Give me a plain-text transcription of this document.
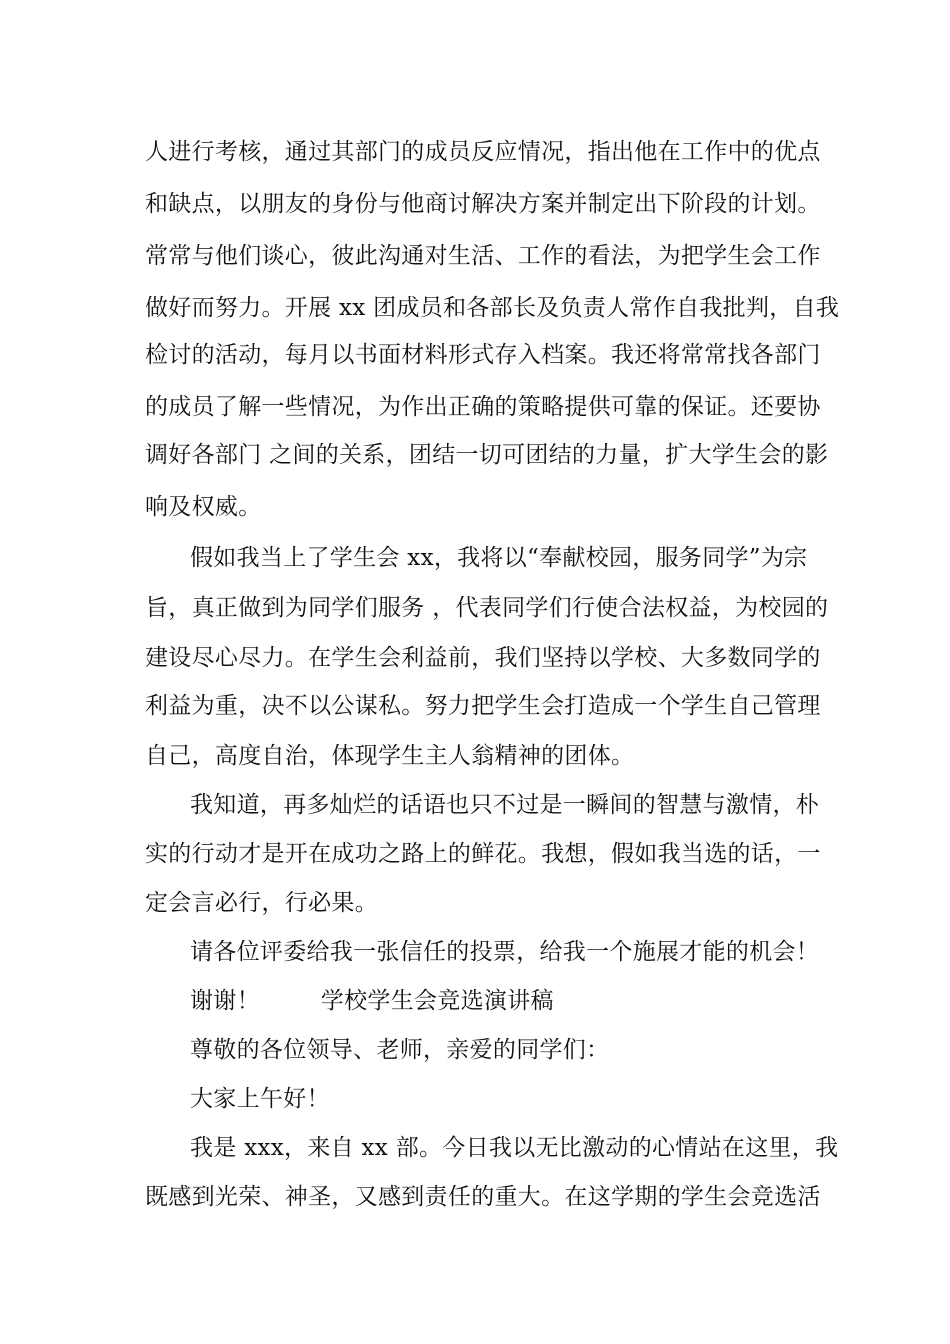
人进行考核，通过其部门的成员反应情况，指出他在工作中的优点
和缺点，以朋友的身份与他商讨解决方案并制定出下阶段的计划。
常常与他们谈心，彼此沟通对生活、工作的看法，为把学生会工作
做好而努力。开展 xx 团成员和各部长及负责人常作自我批判，自我
检讨的活动，每月以书面材料形式存入档案。我还将常常找各部门
的成员了解一些情况，为作出正确的策略提供可靠的保证。还要协
调好各部门 之间的关系，团结一切可团结的力量，扩大学生会的影
响及权威。
假如我当上了学生会 xx，我将以“奉献校园，服务同学”为宗
旨，真正做到为同学们服务 ，代表同学们行使合法权益，为校园的
建设尽心尽力。在学生会利益前，我们坚持以学校、大多数同学的
利益为重，决不以公谋私。努力把学生会打造成一个学生自己管理
自己，高度自治，体现学生主人翁精神的团体。
我知道，再多灿烂的话语也只不过是一瞬间的智慧与激情，朴
实的行动才是开在成功之路上的鲜花。我想，假如我当选的话，一
定会言必行，行必果。
请各位评委给我一张信任的投票，给我一个施展才能的机会！
谢谢！        学校学生会竞选演讲稿
尊敬的各位领导、老师，亲爱的同学们：
大家上午好！
我是 xxx，来自 xx 部。今日我以无比激动的心情站在这里，我
既感到光荣、神圣，又感到责任的重大。在这学期的学生会竞选活
